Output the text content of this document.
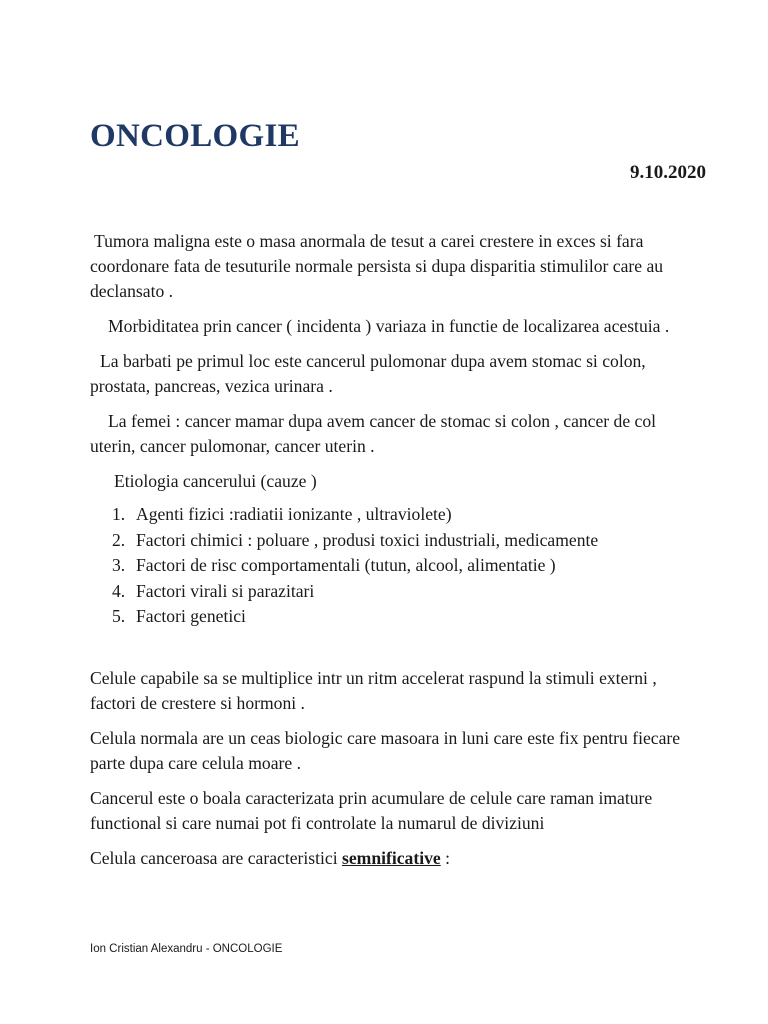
ONCOLOGIE
9.10.2020

Tumora maligna este o masa anormala de tesut a carei crestere in exces si fara coordonare fata de tesuturile normale persista si dupa disparitia stimulilor care au declansato .

Morbiditatea prin cancer ( incidenta ) variaza in functie de localizarea acestuia .

La barbati pe primul loc este cancerul pulomonar dupa avem stomac si colon, prostata, pancreas, vezica urinara .

La femei : cancer mamar dupa avem cancer de stomac si colon , cancer de col uterin, cancer pulomonar, cancer uterin .

Etiologia cancerului (cauze )

1. Agenti fizici :radiatii ionizante , ultraviolete)
2. Factori chimici : poluare , produsi toxici industriali, medicamente
3. Factori de risc comportamentali (tutun, alcool, alimentatie )
4. Factori virali si parazitari
5. Factori genetici

Celule capabile sa se multiplice intr un ritm accelerat raspund la stimuli externi , factori de crestere si hormoni .

Celula normala are un ceas biologic care masoara in luni care este fix pentru fiecare parte dupa care celula moare .

Cancerul este o boala caracterizata prin acumulare de celule care raman imature functional si care numai pot fi controlate la numarul de diviziuni

Celula canceroasa are caracteristici semnificative :

Ion Cristian Alexandru - ONCOLOGIE
